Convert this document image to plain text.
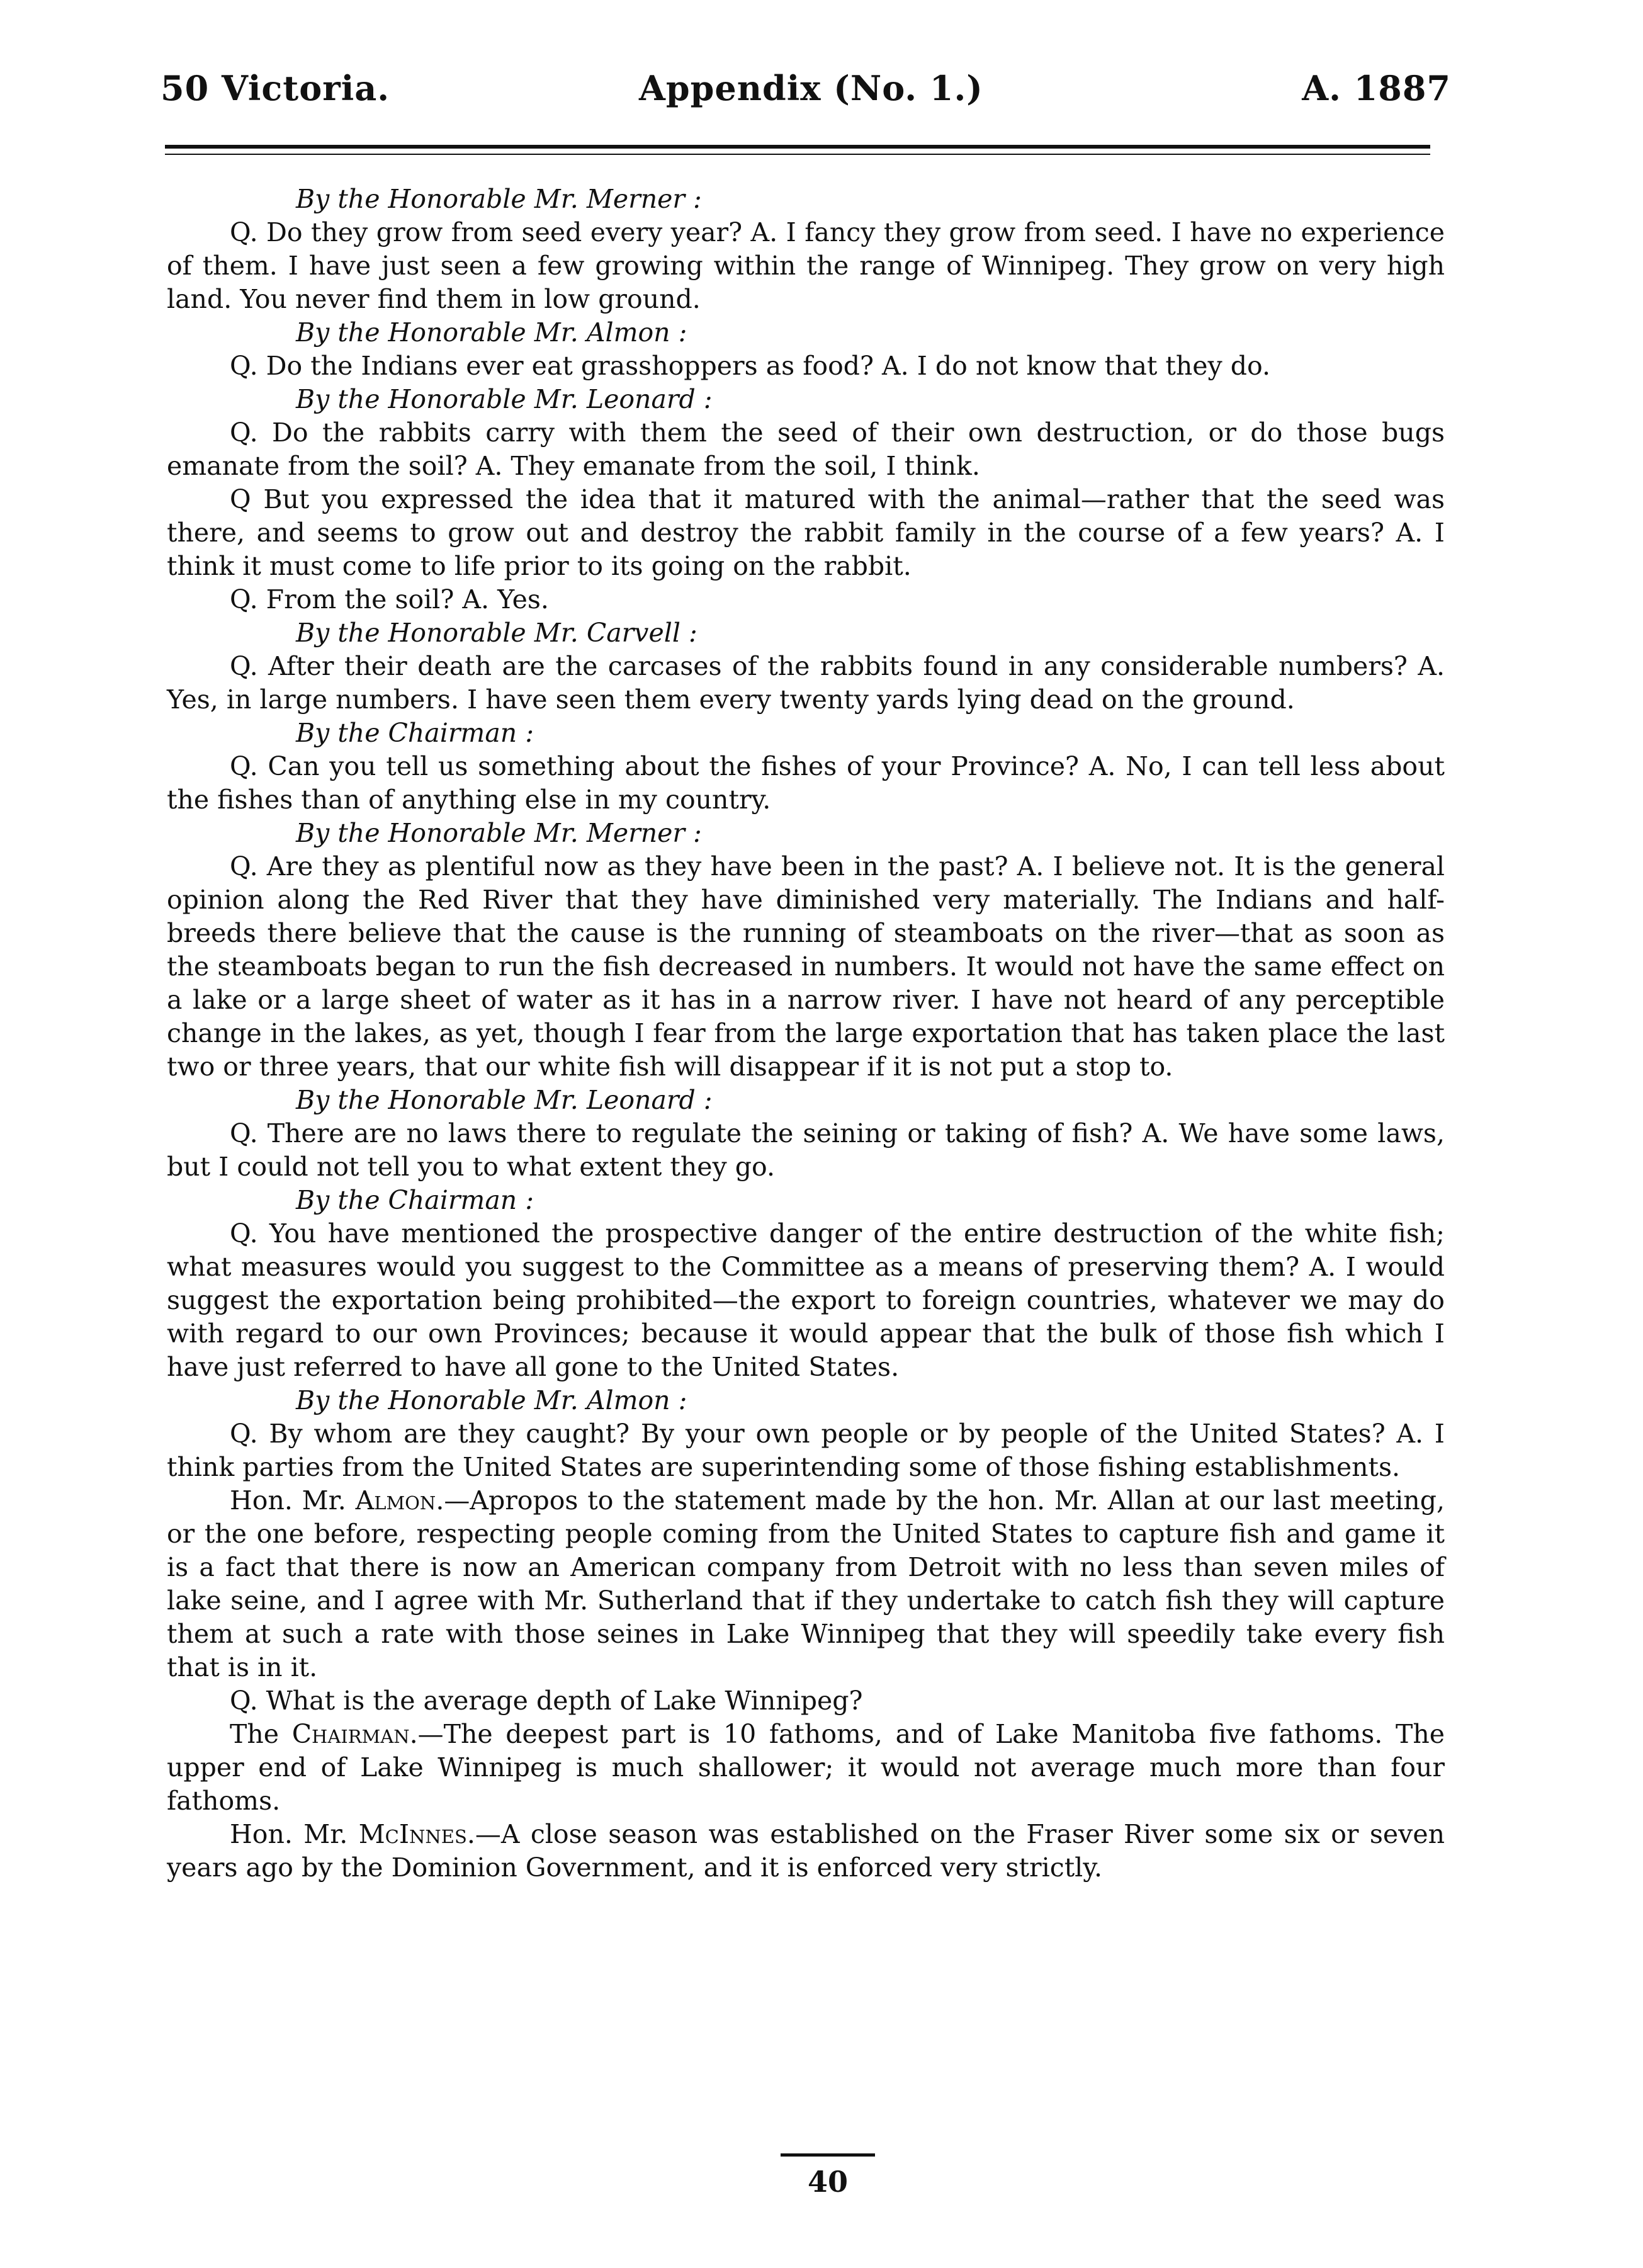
50 Victoria.	Appendix (No. 1.)	A. 1887

By the Honorable Mr. Merner :

Q. Do they grow from seed every year? A. I fancy they grow from seed. I have no experience of them. I have just seen a few growing within the range of Winnipeg. They grow on very high land. You never find them in low ground.

By the Honorable Mr. Almon :

Q. Do the Indians ever eat grasshoppers as food? A. I do not know that they do.

By the Honorable Mr. Leonard :

Q. Do the rabbits carry with them the seed of their own destruction, or do those bugs emanate from the soil? A. They emanate from the soil, I think.

Q But you expressed the idea that it matured with the animal—rather that the seed was there, and seems to grow out and destroy the rabbit family in the course of a few years? A. I think it must come to life prior to its going on the rabbit.

Q. From the soil? A. Yes.

By the Honorable Mr. Carvell :

Q. After their death are the carcases of the rabbits found in any considerable numbers? A. Yes, in large numbers. I have seen them every twenty yards lying dead on the ground.

By the Chairman :

Q. Can you tell us something about the fishes of your Province? A. No, I can tell less about the fishes than of anything else in my country.

By the Honorable Mr. Merner :

Q. Are they as plentiful now as they have been in the past? A. I believe not. It is the general opinion along the Red River that they have diminished very materially. The Indians and half-breeds there believe that the cause is the running of steamboats on the river—that as soon as the steamboats began to run the fish decreased in numbers. It would not have the same effect on a lake or a large sheet of water as it has in a narrow river. I have not heard of any perceptible change in the lakes, as yet, though I fear from the large exportation that has taken place the last two or three years, that our white fish will disappear if it is not put a stop to.

By the Honorable Mr. Leonard :

Q. There are no laws there to regulate the seining or taking of fish? A. We have some laws, but I could not tell you to what extent they go.

By the Chairman :

Q. You have mentioned the prospective danger of the entire destruction of the white fish; what measures would you suggest to the Committee as a means of preserving them? A. I would suggest the exportation being prohibited—the export to foreign countries, whatever we may do with regard to our own Provinces; because it would appear that the bulk of those fish which I have just referred to have all gone to the United States.

By the Honorable Mr. Almon :

Q. By whom are they caught? By your own people or by people of the United States? A. I think parties from the United States are superintending some of those fishing establishments.

Hon. Mr. Almon.—Apropos to the statement made by the hon. Mr. Allan at our last meeting, or the one before, respecting people coming from the United States to capture fish and game it is a fact that there is now an American company from Detroit with no less than seven miles of lake seine, and I agree with Mr. Sutherland that if they undertake to catch fish they will capture them at such a rate with those seines in Lake Winnipeg that they will speedily take every fish that is in it.

Q. What is the average depth of Lake Winnipeg?

The Chairman.—The deepest part is 10 fathoms, and of Lake Manitoba five fathoms. The upper end of Lake Winnipeg is much shallower; it would not average much more than four fathoms.

Hon. Mr. McInnes.—A close season was established on the Fraser River some six or seven years ago by the Dominion Government, and it is enforced very strictly.

40
